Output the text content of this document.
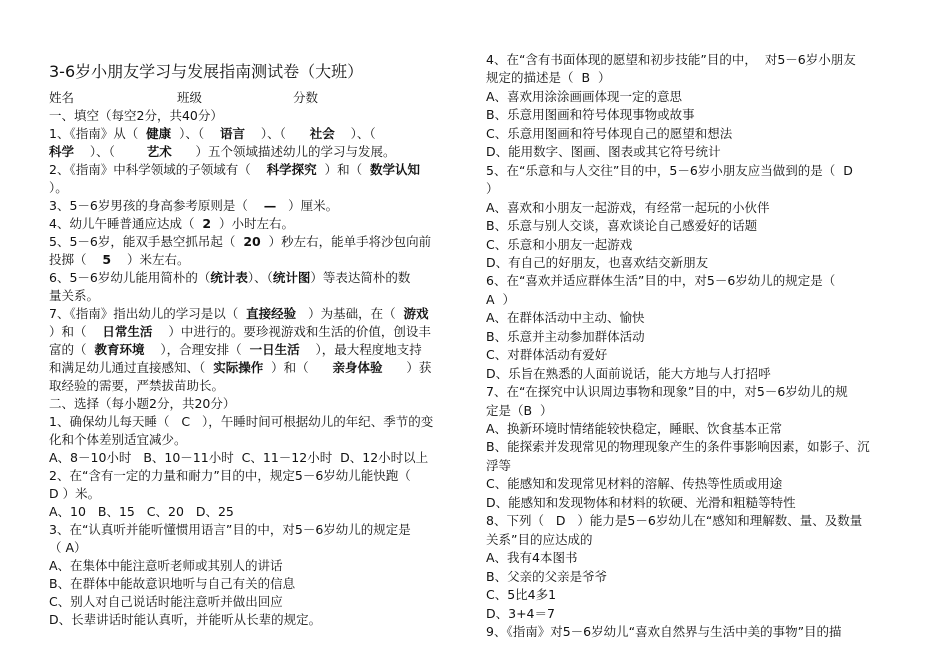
3-6岁小朋友学习与发展指南测试卷（大班）
姓名	班级	分数
一、填空（每空2分，共40分）
1、《指南》从（  健康  ）、（    语言    ）、（      社会    ）、（
科学    ）、（        艺术      ）五个领域描述幼儿的学习与发展。
2、《指南》中科学领域的子领域有（    科学探究  ）和（  数学认知
）。
3、5－6岁男孩的身高参考原则是（    —   ）厘米。
4、幼儿午睡普通应达成（  2  ）小时左右。
5、5－6岁，能双手悬空抓吊起（  20  ）秒左右，能单手将沙包向前
投掷（    5    ）米左右。
6、5－6岁幼儿能用简朴的（统计表）、（统计图）等表达简朴的数
量关系。
7、《指南》指出幼儿的学习是以（  直接经验   ）为基础，在（  游戏
）和（    日常生活    ）中进行的。要珍视游戏和生活的价值，创设丰
富的（  教育环境    ），合理安排（  一日生活    ），最大程度地支持
和满足幼儿通过直接感知、（  实际操作  ）和（      亲身体验      ）获
取经验的需要，严禁拔苗助长。
二、选择（每小题2分，共20分）
1、确保幼儿每天睡（   C   ），午睡时间可根据幼儿的年纪、季节的变
化和个体差别适宜减少。
A、8－10小时   B、10－11小时  C、11－12小时  D、12小时以上
2、在“含有一定的力量和耐力”目的中，规定5－6岁幼儿能快跑（
D ）米。
A、10   B、15   C、20   D、25
3、在“认真听并能听懂惯用语言”目的中，对5－6岁幼儿的规定是
（ A）
A、在集体中能注意听老师或其别人的讲话
B、在群体中能故意识地听与自己有关的信息
C、别人对自己说话时能注意听并做出回应
D、长辈讲话时能认真听，并能听从长辈的规定。
4、在“含有书面体现的愿望和初步技能”目的中，  对5－6岁小朋友
规定的描述是（  B  ）
A、喜欢用涂涂画画体现一定的意思
B、乐意用图画和符号体现事物或故事
C、乐意用图画和符号体现自己的愿望和想法
D、能用数字、图画、图表或其它符号统计
5、在“乐意和与人交往”目的中，5－6岁小朋友应当做到的是（  D
）
A、喜欢和小朋友一起游戏，有经常一起玩的小伙伴
B、乐意与别人交谈，喜欢谈论自己感爱好的话题
C、乐意和小朋友一起游戏
D、有自己的好朋友，也喜欢结交新朋友
6、在“喜欢并适应群体生活”目的中，对5－6岁幼儿的规定是（
A  ）
A、在群体活动中主动、愉快
B、乐意并主动参加群体活动
C、对群体活动有爱好
D、乐旨在熟悉的人面前说话，能大方地与人打招呼
7、在“在探究中认识周边事物和现象”目的中，对5－6岁幼儿的规
定是（B  ）
A、换新环境时情绪能较快稳定，睡眠、饮食基本正常
B、能探索并发现常见的物理现象产生的条件事影响因素，如影子、沉
浮等
C、能感知和发现常见材料的溶解、传热等性质或用途
D、能感知和发现物体和材料的软硬、光滑和粗糙等特性
8、下列（   D   ）能力是5－6岁幼儿在“感知和理解数、量、及数量
关系”目的应达成的
A、我有4本图书
B、父亲的父亲是爷爷
C、5比4多1
D、3+4＝7
9、《指南》对5－6岁幼儿“喜欢自然界与生活中美的事物”目的描
